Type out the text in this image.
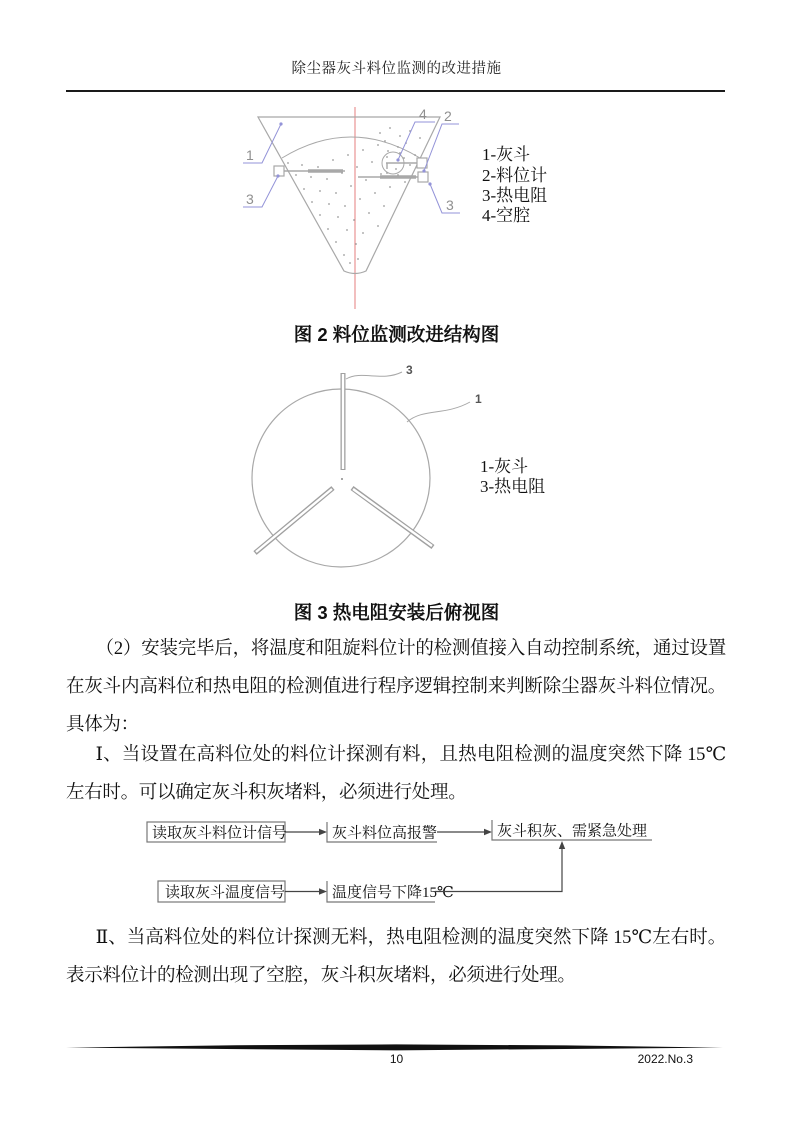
除尘器灰斗料位监测的改进措施
1
3
4 2
3
1-灰斗
2-料位计
3-热电阻
4-空腔
图 2 料位监测改进结构图
3
1
1-灰斗
3-热电阻
图 3 热电阻安装后俯视图
（2）安装完毕后，将温度和阻旋料位计的检测值接入自动控制系统，通过设置在灰斗内高料位和热电阻的检测值进行程序逻辑控制来判断除尘器灰斗料位情况。具体为：
Ⅰ、当设置在高料位处的料位计探测有料，且热电阻检测的温度突然下降 15℃左右时。可以确定灰斗积灰堵料，必须进行处理。
Ⅱ、当高料位处的料位计探测无料，热电阻检测的温度突然下降 15℃左右时。表示料位计的检测出现了空腔，灰斗积灰堵料，必须进行处理。
读取灰斗料位计信号	灰斗料位高报警	灰斗积灰、需紧急处理
读取灰斗温度信号	温度信号下降15℃
10	2022.No.3
